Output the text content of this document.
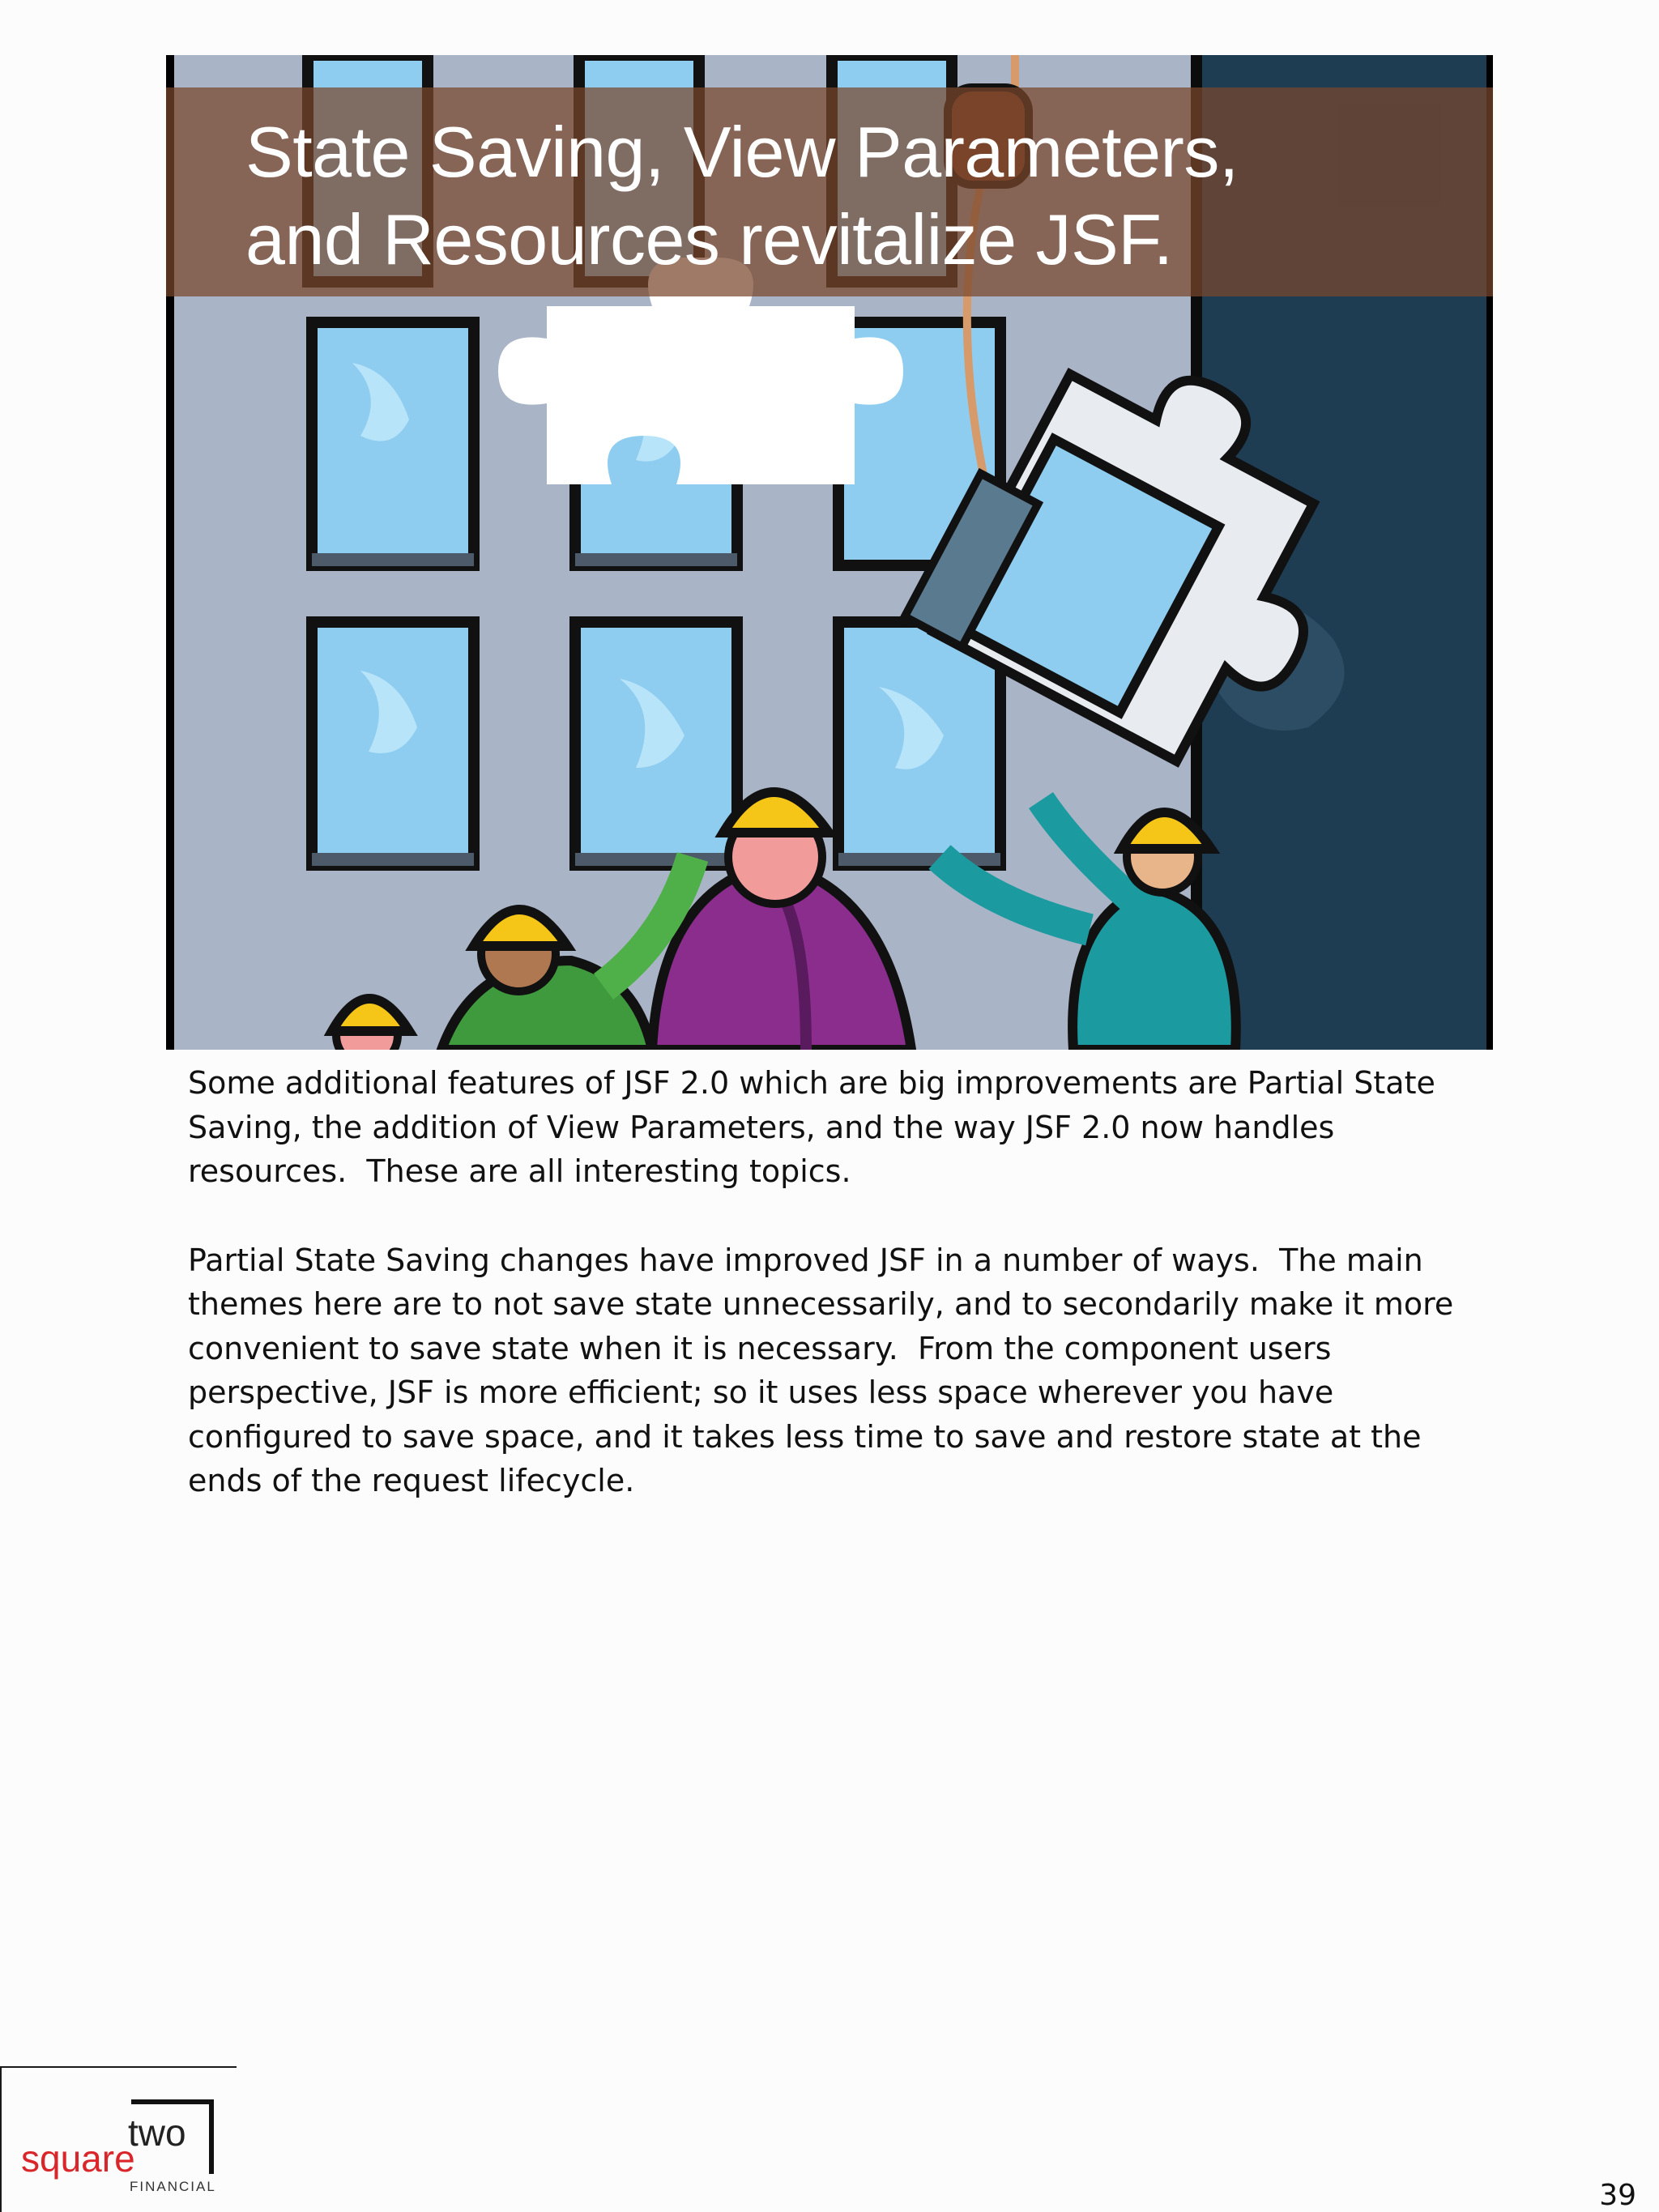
State Saving, View Parameters,
and Resources revitalize JSF.

Some additional features of JSF 2.0 which are big improvements are Partial State Saving, the addition of View Parameters, and the way JSF 2.0 now handles resources.  These are all interesting topics.

Partial State Saving changes have improved JSF in a number of ways.  The main themes here are to not save state unnecessarily, and to secondarily make it more convenient to save state when it is necessary.  From the component users perspective, JSF is more efficient; so it uses less space wherever you have configured to save space, and it takes less time to save and restore state at the ends of the request lifecycle.

square
two
FINANCIAL	39
